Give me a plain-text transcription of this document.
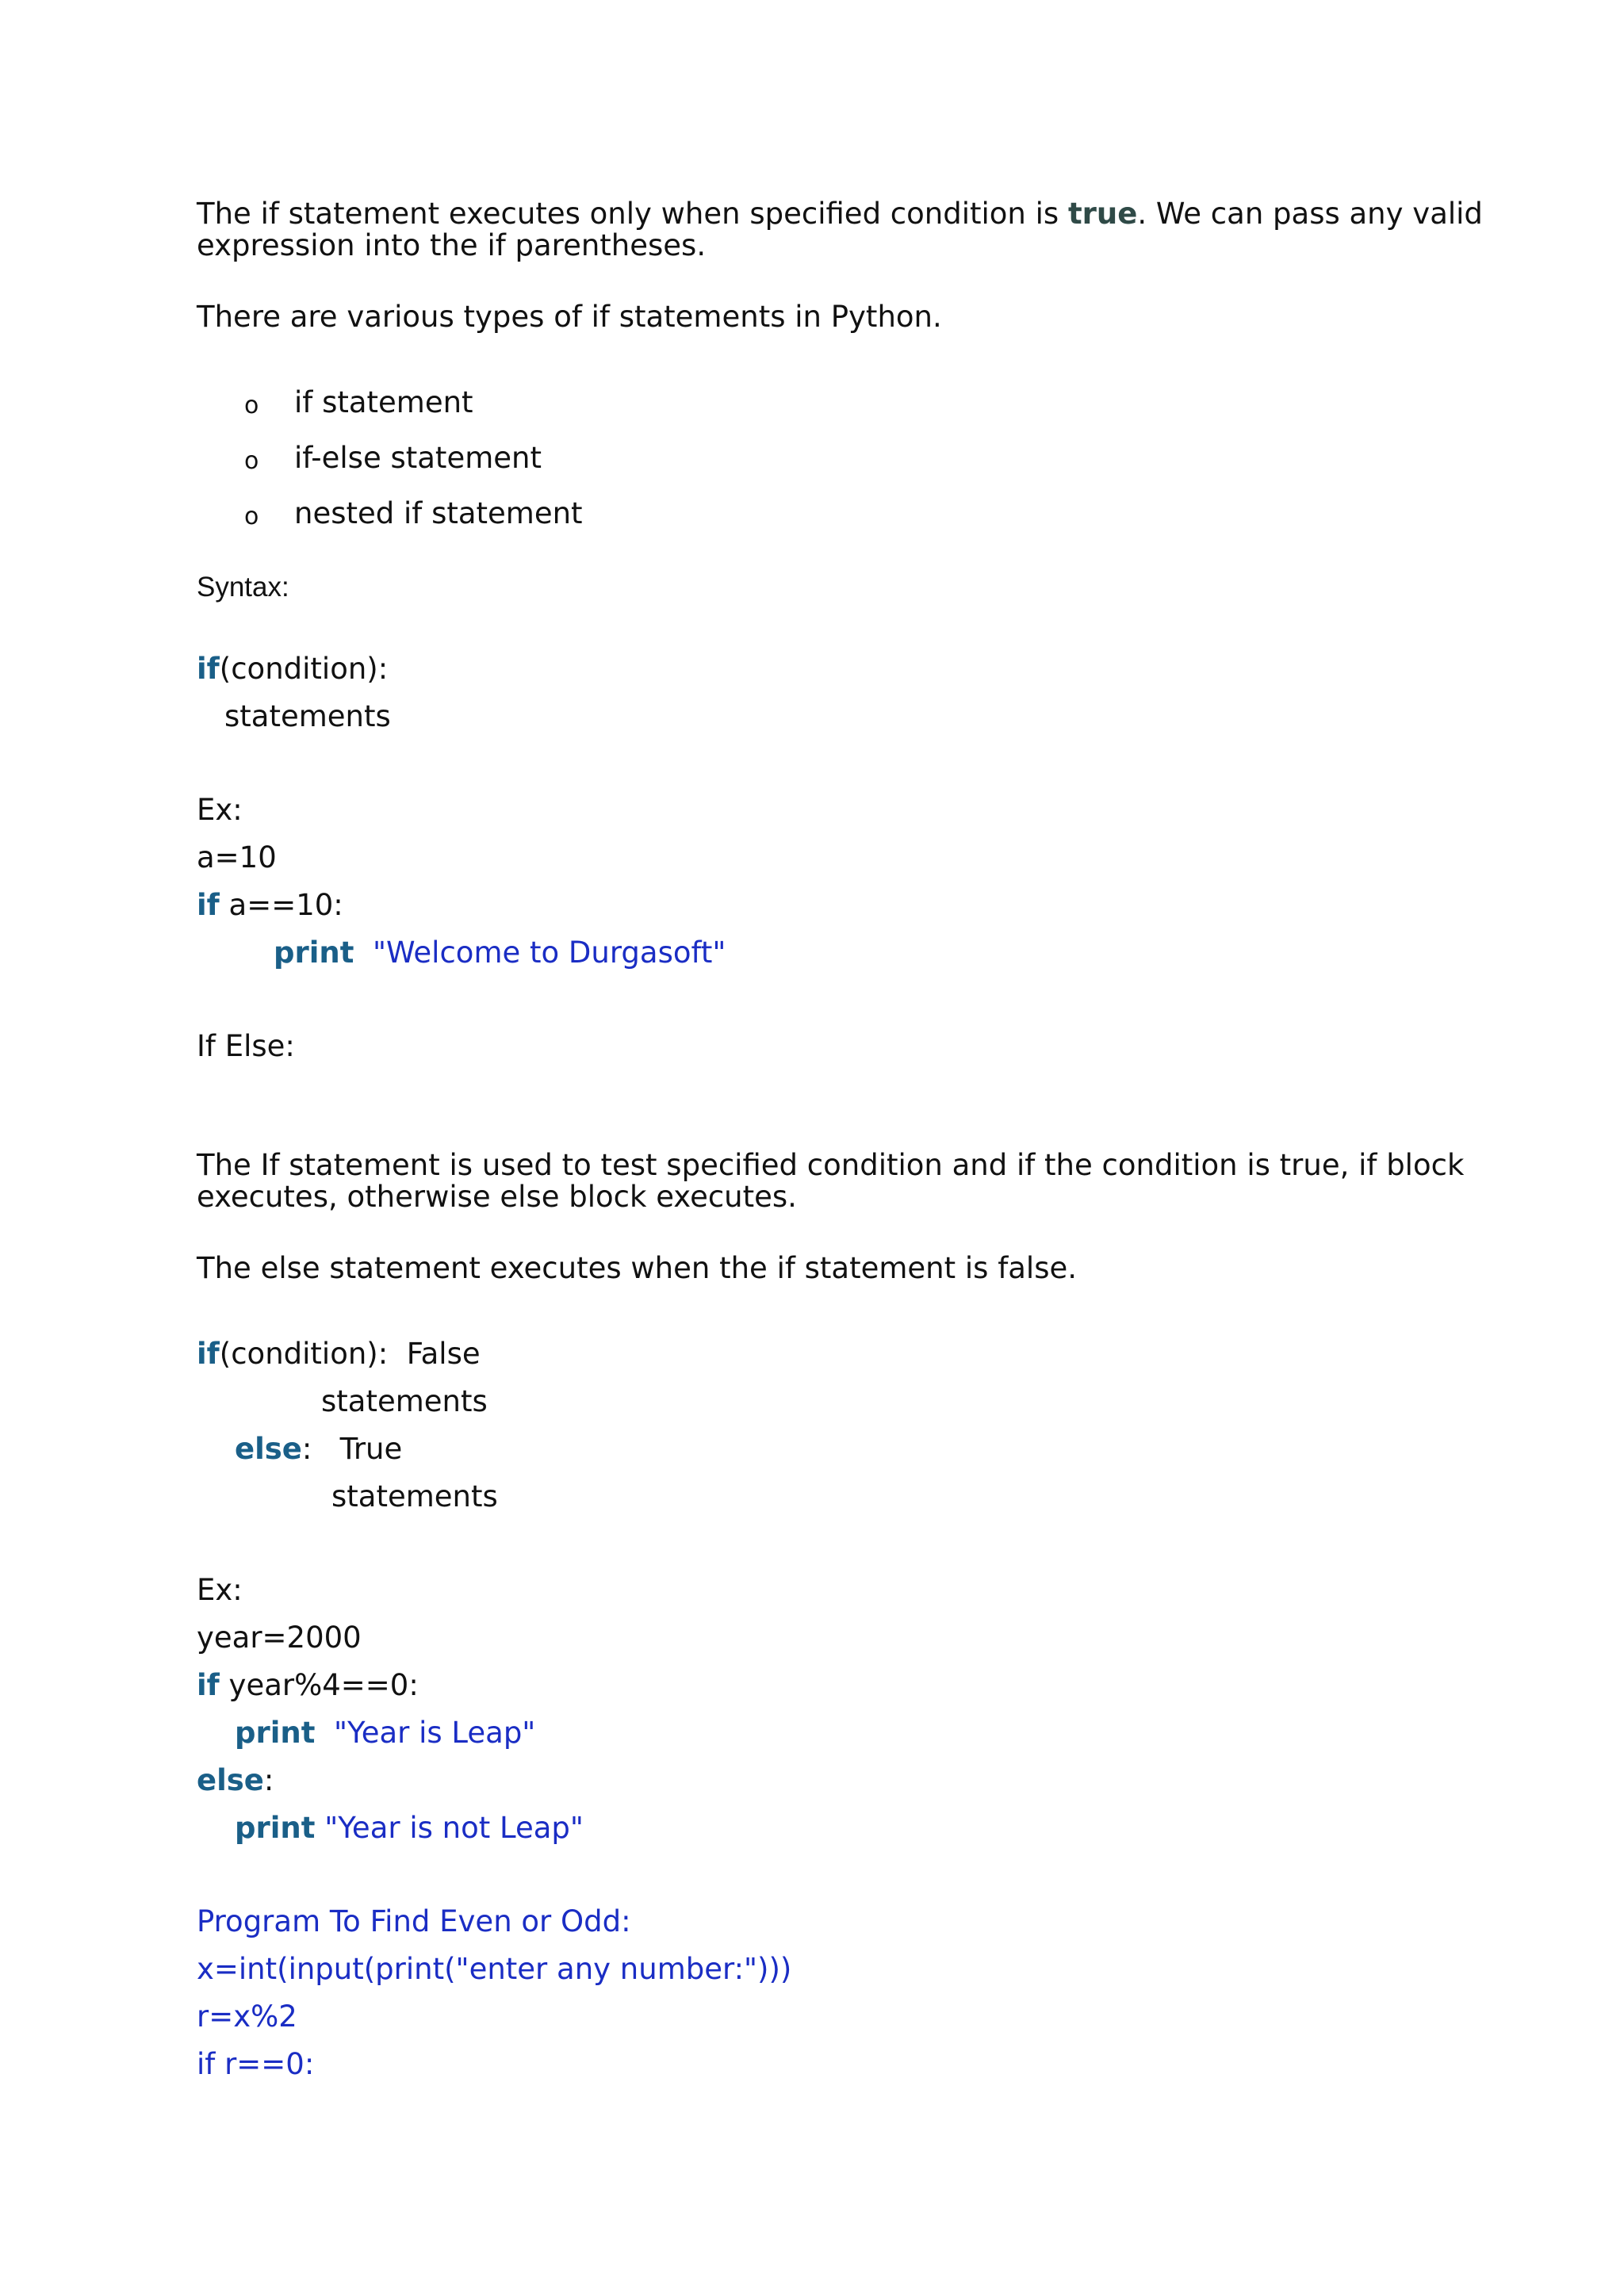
The if statement executes only when specified condition is true. We can pass any valid
expression into the if parentheses.
There are various types of if statements in Python.
o if statement
o if-else statement
o nested if statement
Syntax:
if(condition):
statements
Ex:
a=10
if a==10:
print "Welcome to Durgasoft"
If Else:
The If statement is used to test specified condition and if the condition is true, if block
executes, otherwise else block executes.
The else statement executes when the if statement is false.
if(condition): False
statements
else: True
statements
Ex:
year=2000
if year%4==0:
print "Year is Leap"
else:
print "Year is not Leap"
Program To Find Even or Odd:
x=int(input(print("enter any number:")))
r=x%2
if r==0:
